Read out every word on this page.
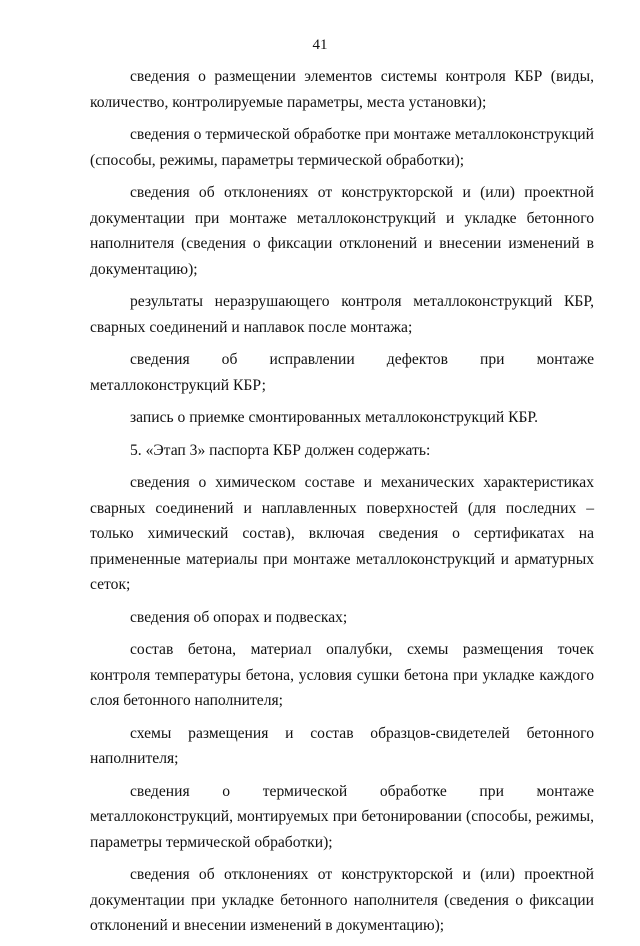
41

сведения о размещении элементов системы контроля КБР (виды, количество, контролируемые параметры, места установки);

сведения о термической обработке при монтаже металлоконструкций (способы, режимы, параметры термической обработки);

сведения об отклонениях от конструкторской и (или) проектной документации при монтаже металлоконструкций и укладке бетонного наполнителя (сведения о фиксации отклонений и внесении изменений в документацию);

результаты неразрушающего контроля металлоконструкций КБР, сварных соединений и наплавок после монтажа;

сведения об исправлении дефектов при монтаже металлоконструкций КБР;

запись о приемке смонтированных металлоконструкций КБР.

5. «Этап 3» паспорта КБР должен содержать:

сведения о химическом составе и механических характеристиках сварных соединений и наплавленных поверхностей (для последних – только химический состав), включая сведения о сертификатах на примененные материалы при монтаже металлоконструкций и арматурных сеток;

сведения об опорах и подвесках;

состав бетона, материал опалубки, схемы размещения точек контроля температуры бетона, условия сушки бетона при укладке каждого слоя бетонного наполнителя;

схемы размещения и состав образцов-свидетелей бетонного наполнителя;

сведения о термической обработке при монтаже металлоконструкций, монтируемых при бетонировании (способы, режимы, параметры термической обработки);

сведения об отклонениях от конструкторской и (или) проектной документации при укладке бетонного наполнителя (сведения о фиксации отклонений и внесении изменений в документацию);
